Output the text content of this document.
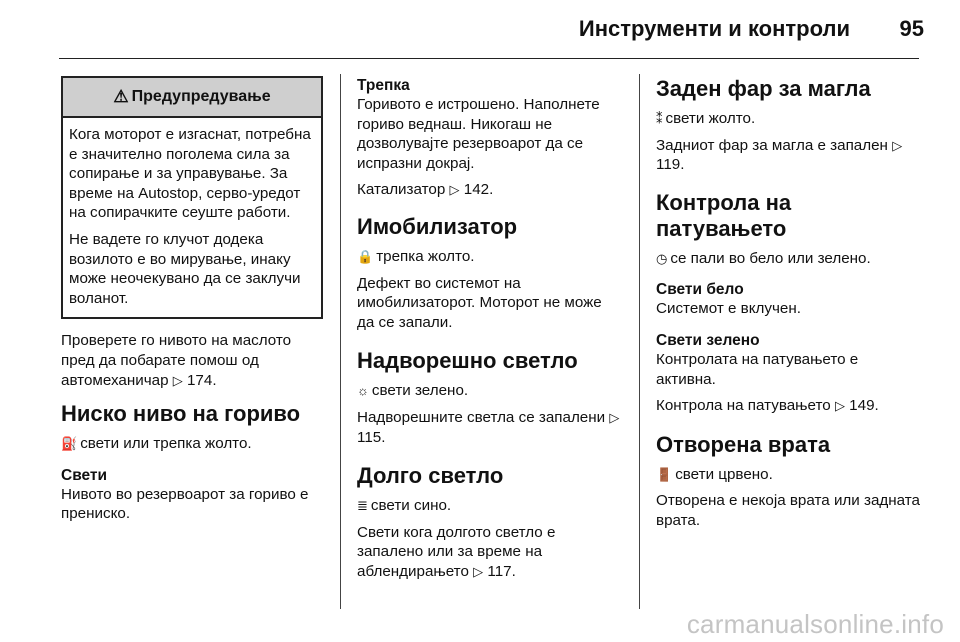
Инструменти и контроли 95
⚠ Предупредување

Кога моторот е изгаснат, потребна е значително поголема сила за сопирање и за управување. За време на Autostop, серво-уредот на сопирачките сеуште работи.

Не вадете го клучот додека возилото е во мирување, инаку може неочекувано да се заклучи воланот.

Проверете го нивото на маслото пред да побарате помош од автомеханичар ▷ 174.

Ниско ниво на гориво

⛽ свети или трепка жолто.

Свети

Нивото во резервоарот за гориво е прениско.

Трепка

Горивото е истрошено. Наполнете гориво веднаш. Никогаш не дозволувајте резервоарот да се испразни докрај.

Катализатор ▷ 142.

Имобилизатор

🔒 трепка жолто.

Дефект во системот на имобилизаторот. Моторот не може да се запали.

Надворешно светло

☼ свети зелено.

Надворешните светла се запалени ▷ 115.

Долго светло

≣ свети сино.

Свети кога долгото светло е запалено или за време на аблендирањето ▷ 117.

Заден фар за магла

⁑ свети жолто.

Задниот фар за магла е запален ▷ 119.

Контрола на патувањето

◷ се пали во бело или зелено.

Свети бело

Системот е вклучен.

Свети зелено

Контролата на патувањето е активна.

Контрола на патувањето ▷ 149.

Отворена врата

🚪 свети црвено.

Отворена е некоја врата или задната врата.

carmanualsonline.info
